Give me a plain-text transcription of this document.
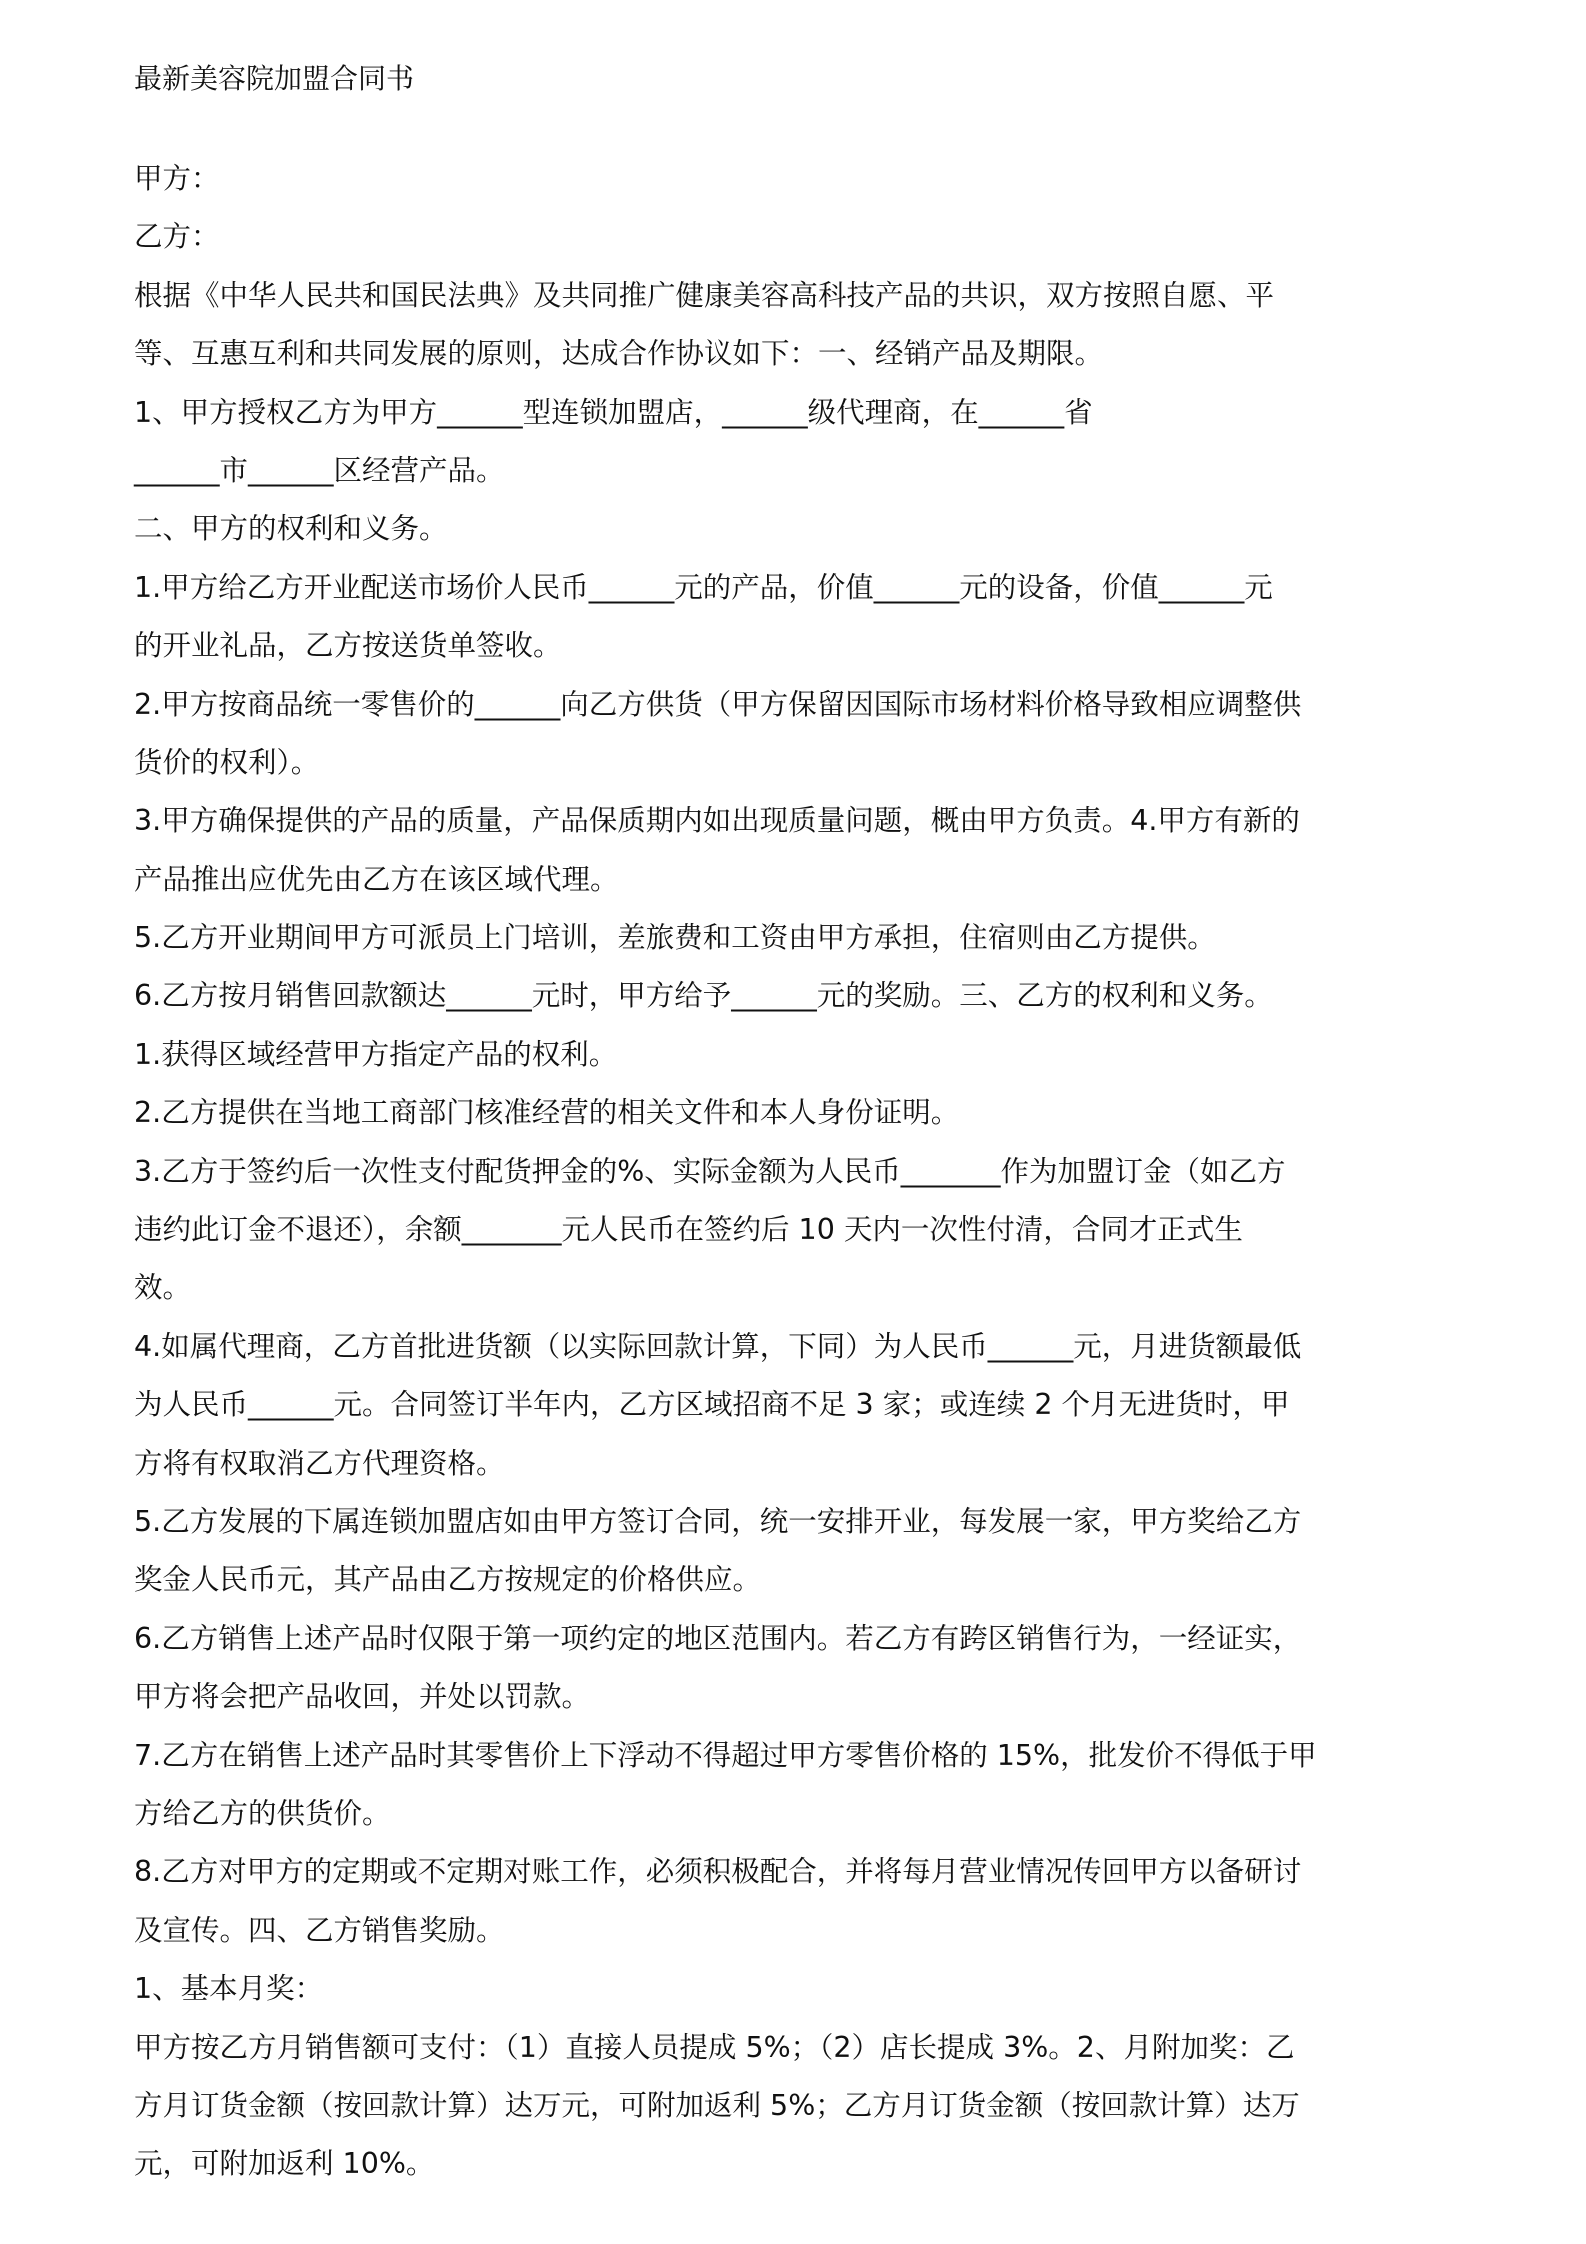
最新美容院加盟合同书
甲方：
乙方：
根据《中华人民共和国民法典》及共同推广健康美容高科技产品的共识，双方按照自愿、平
等、互惠互利和共同发展的原则，达成合作协议如下：一、经销产品及期限。
1、甲方授权乙方为甲方______型连锁加盟店，______级代理商，在______省
______市______区经营产品。
二、甲方的权利和义务。
1.甲方给乙方开业配送市场价人民币______元的产品，价值______元的设备，价值______元
的开业礼品，乙方按送货单签收。
2.甲方按商品统一零售价的______向乙方供货（甲方保留因国际市场材料价格导致相应调整供
货价的权利）。
3.甲方确保提供的产品的质量，产品保质期内如出现质量问题，概由甲方负责。4.甲方有新的
产品推出应优先由乙方在该区域代理。
5.乙方开业期间甲方可派员上门培训，差旅费和工资由甲方承担，住宿则由乙方提供。
6.乙方按月销售回款额达______元时，甲方给予______元的奖励。三、乙方的权利和义务。
1.获得区域经营甲方指定产品的权利。
2.乙方提供在当地工商部门核准经营的相关文件和本人身份证明。
3.乙方于签约后一次性支付配货押金的%、实际金额为人民币_______作为加盟订金（如乙方
违约此订金不退还），余额_______元人民币在签约后 10 天内一次性付清，合同才正式生
效。
4.如属代理商，乙方首批进货额（以实际回款计算，下同）为人民币______元，月进货额最低
为人民币______元。合同签订半年内，乙方区域招商不足 3 家；或连续 2 个月无进货时，甲
方将有权取消乙方代理资格。
5.乙方发展的下属连锁加盟店如由甲方签订合同，统一安排开业，每发展一家，甲方奖给乙方
奖金人民币元，其产品由乙方按规定的价格供应。
6.乙方销售上述产品时仅限于第一项约定的地区范围内。若乙方有跨区销售行为，一经证实，
甲方将会把产品收回，并处以罚款。
7.乙方在销售上述产品时其零售价上下浮动不得超过甲方零售价格的 15%，批发价不得低于甲
方给乙方的供货价。
8.乙方对甲方的定期或不定期对账工作，必须积极配合，并将每月营业情况传回甲方以备研讨
及宣传。四、乙方销售奖励。
1、基本月奖：
甲方按乙方月销售额可支付：（1）直接人员提成 5%；（2）店长提成 3%。2、月附加奖：乙
方月订货金额（按回款计算）达万元，可附加返利 5%；乙方月订货金额（按回款计算）达万
元，可附加返利 10%。
